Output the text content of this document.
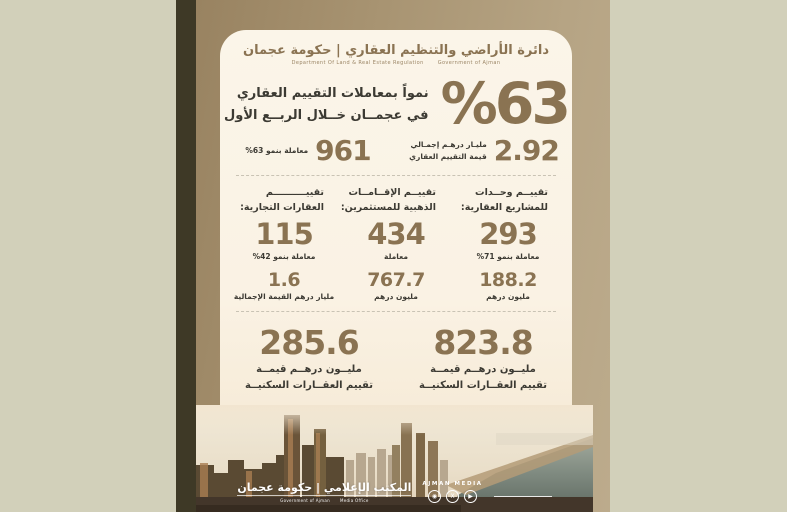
دائرة الأراضي والتنظيم العقاري | حكومة عجمان
Government of Ajman
Department Of Land & Real Estate Regulation
%63
نمواً بمعاملات التقييم العقاري
في عجمــان خــلال الربــع الأول
2.92
مليـار درهـم إجمـالي
قيمة التقييم العقاري
961
معاملة بنمو 63%
تقييــم وحــدات
للمشاريع العقارية:
293
معاملة بنمو 71%
188.2
مليون درهم
تقييــم الإقــامــات
الذهبية للمستثمرين:
434
معاملة
767.7
مليون درهم
تقييــــــــــم
العقارات التجارية:
115
معاملة بنمو 42%
1.6
مليار درهم القيمة الإجمالية
823.8
مليــون درهــم قيمــة
تقييم العقــارات السكنيــة
285.6
مليــون درهــم قيمــة
تقييم العقــارات السكنيــة
المكتب الإعلامي | حكومة عجمان
Government of Ajman	Media Office
AJMAN MEDIA
◉	X	▶
